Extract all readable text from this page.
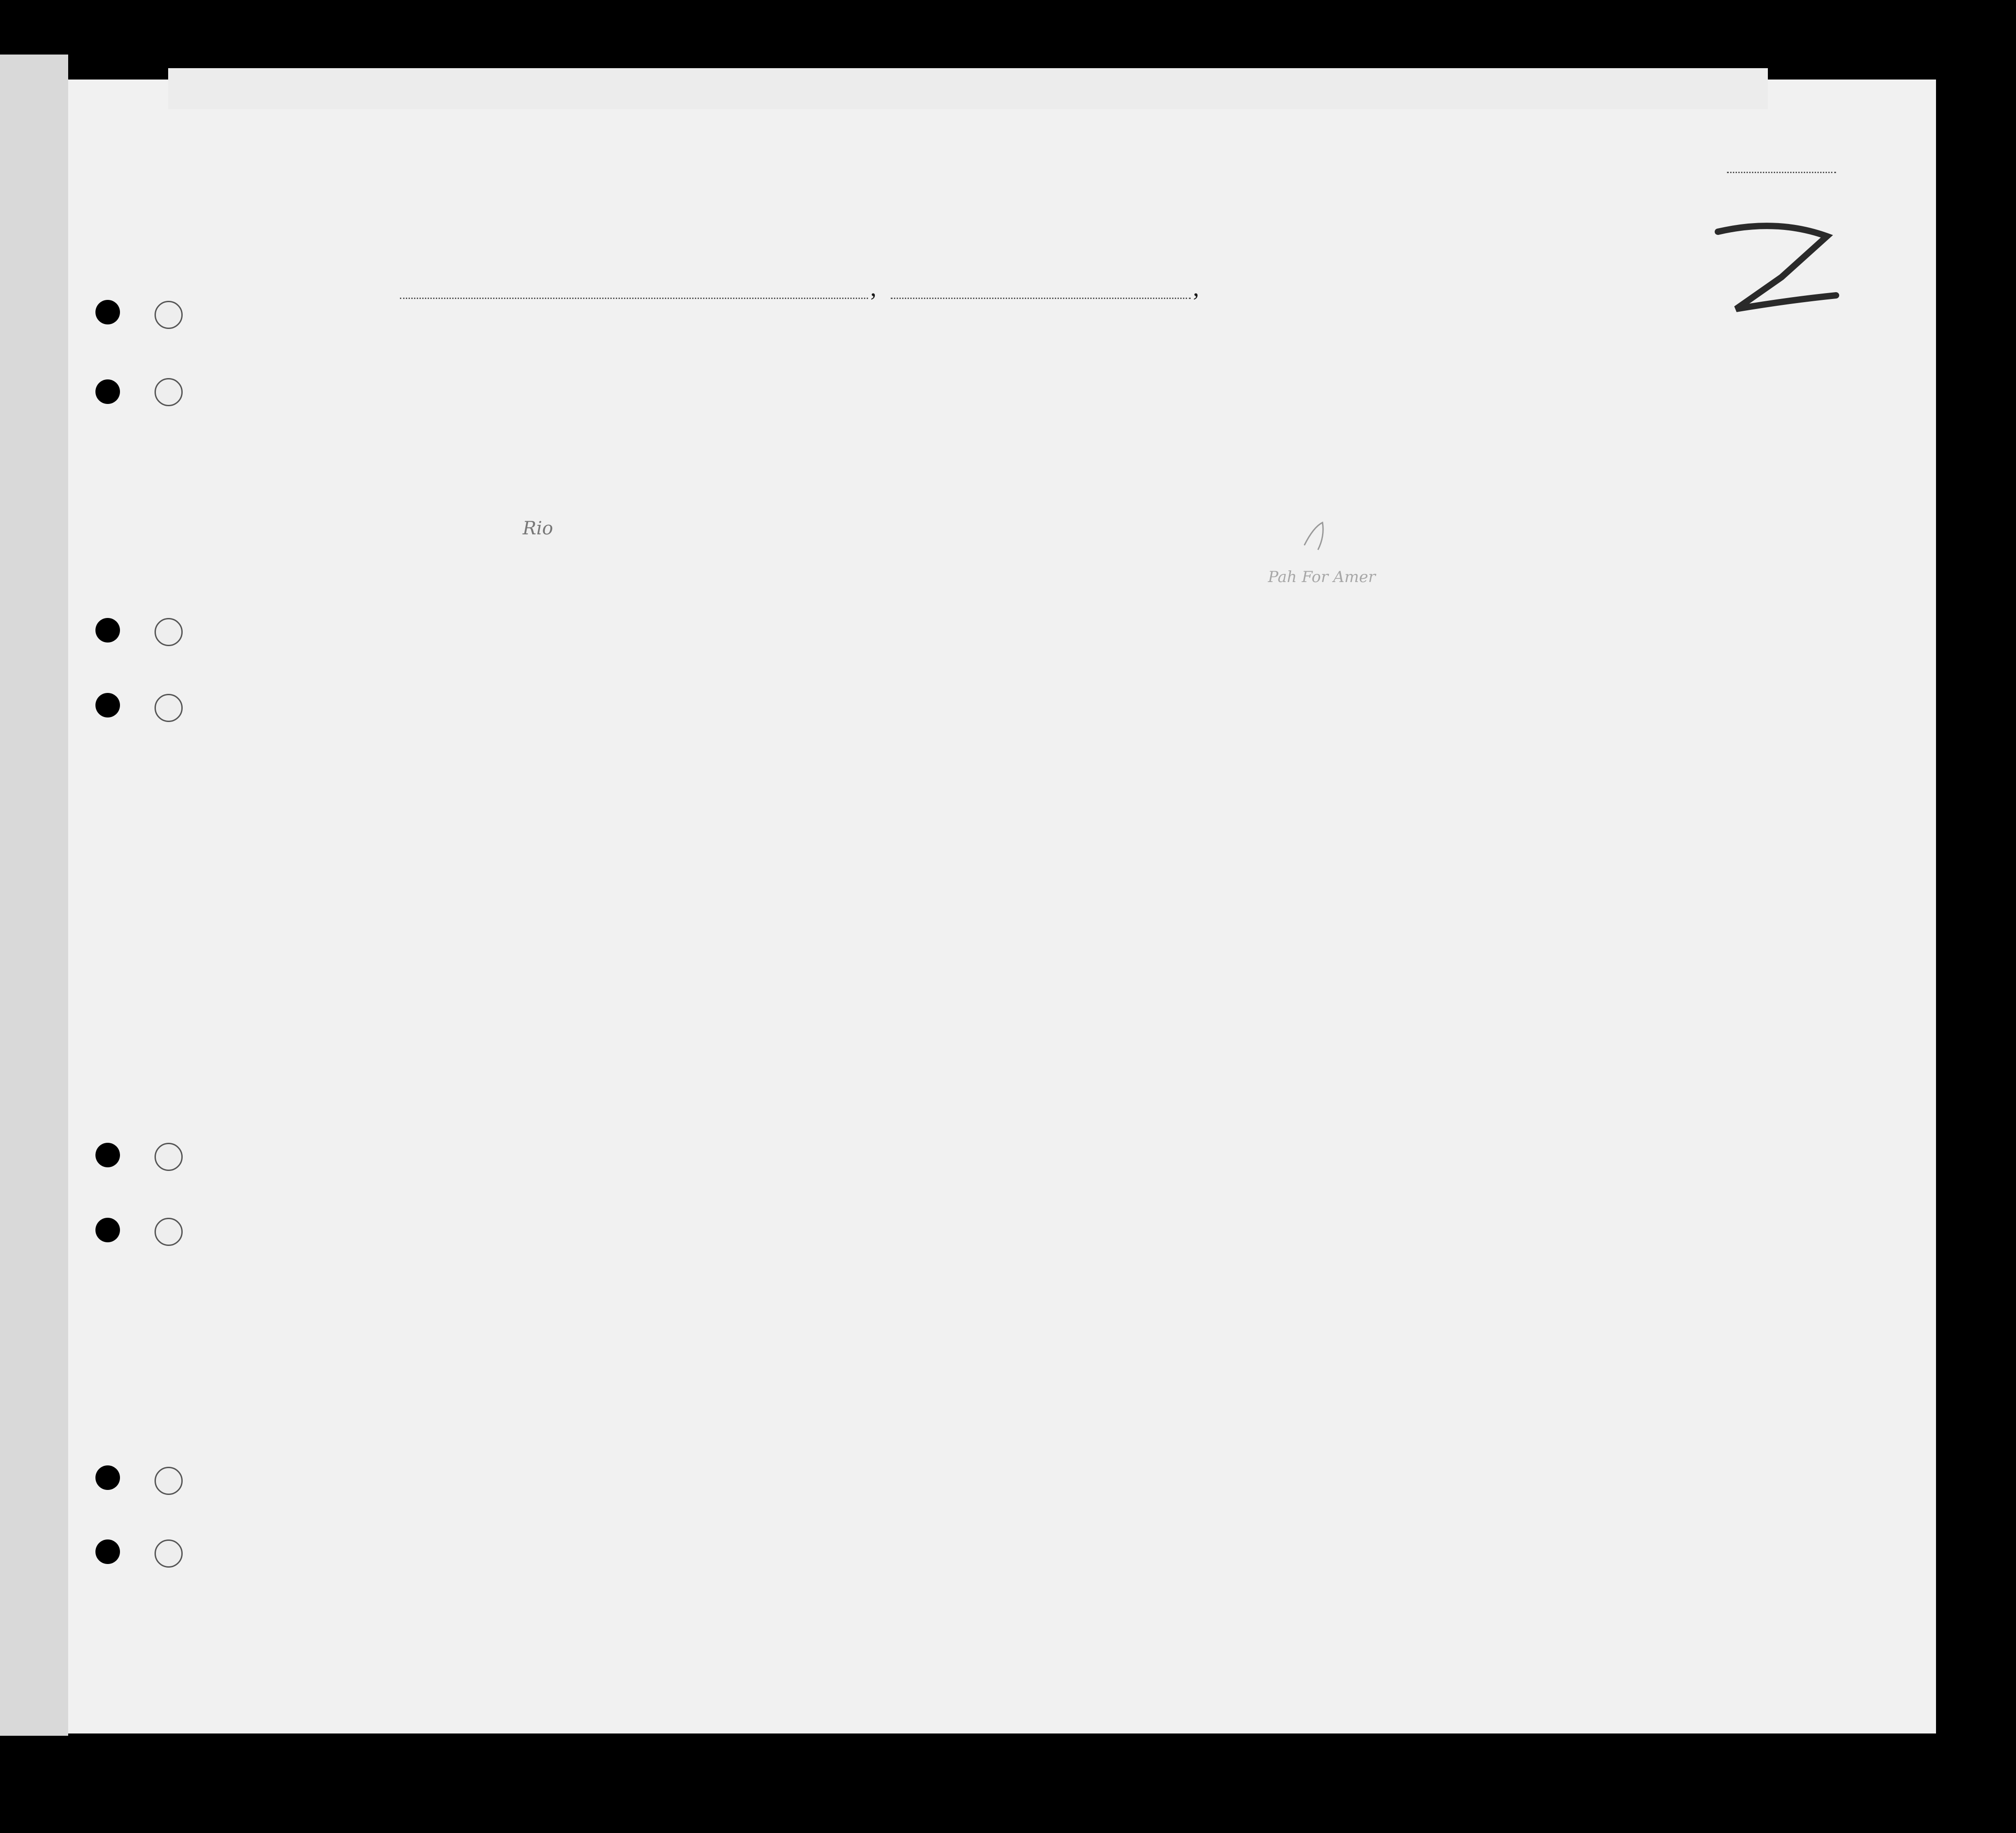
,	,
Rio
Pah For Amer
